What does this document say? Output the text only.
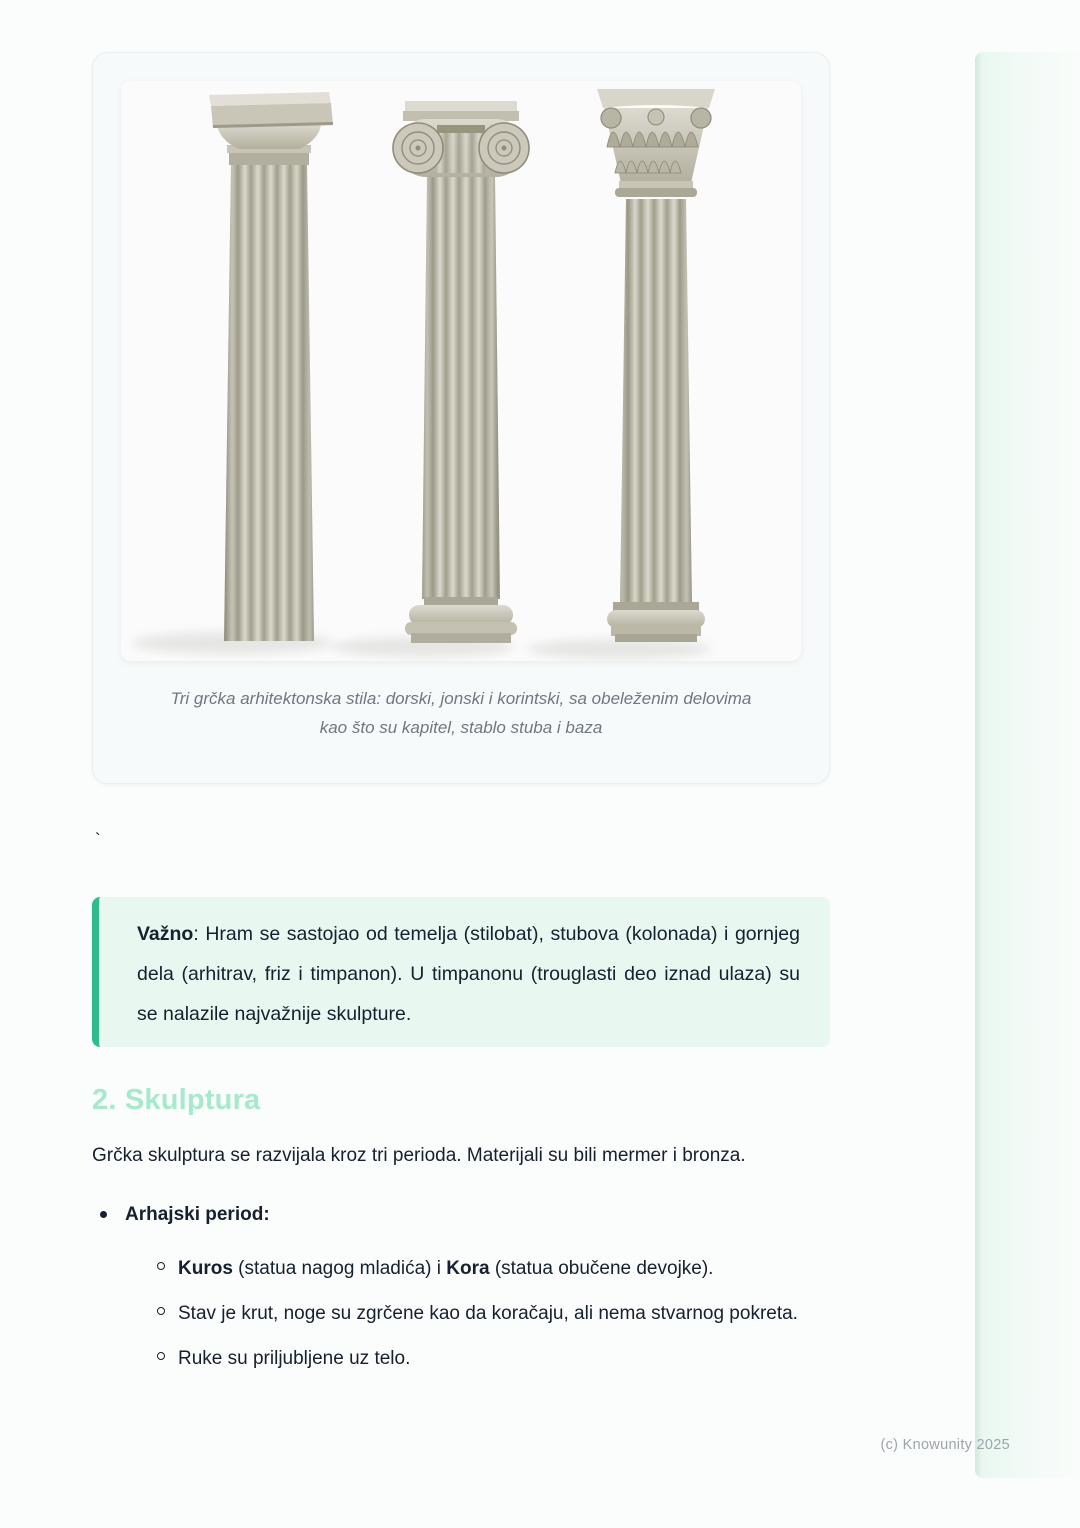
Tri grčka arhitektonska stila: dorski, jonski i korintski, sa obeleženim delovima
kao što su kapitel, stablo stuba i baza
`

Važno: Hram se sastojao od temelja (stilobat), stubova (kolonada) i gornjeg dela (arhitrav, friz i timpanon). U timpanonu (trouglasti deo iznad ulaza) su se nalazile najvažnije skulpture.

2. Skulptura

Grčka skulptura se razvijala kroz tri perioda. Materijali su bili mermer i bronza.

Arhajski period:
Kuros (statua nagog mladića) i Kora (statua obučene devojke).
Stav je krut, noge su zgrčene kao da koračaju, ali nema stvarnog pokreta.
Ruke su priljubljene uz telo.
(c) Knowunity 2025
